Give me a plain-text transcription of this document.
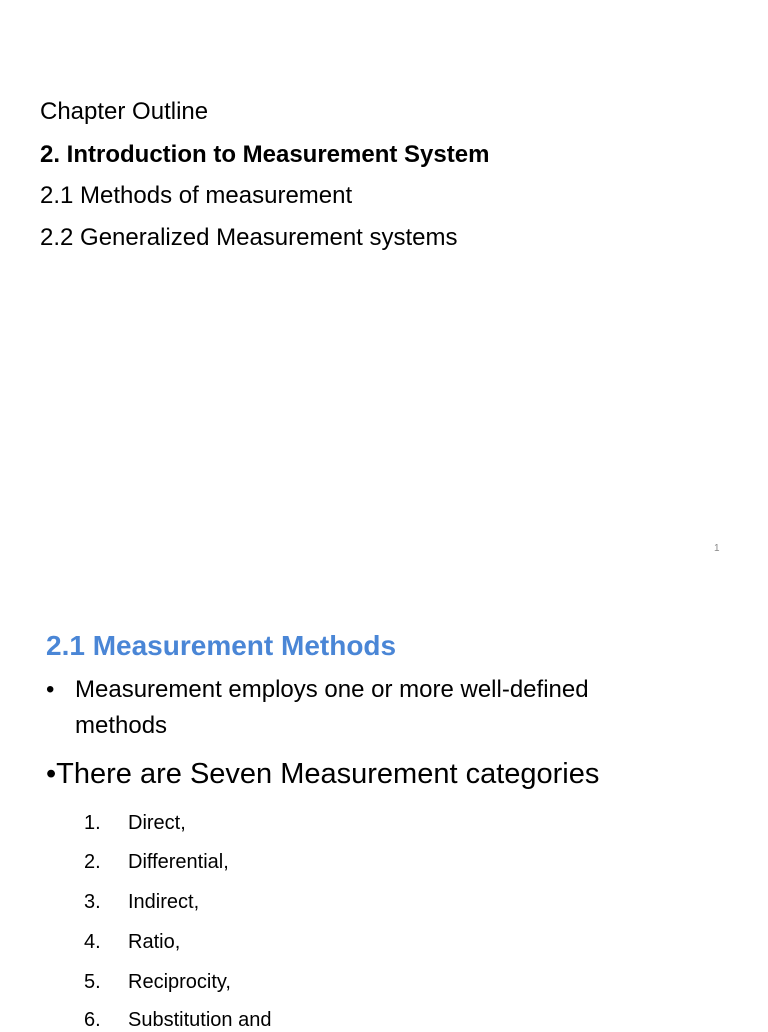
Chapter Outline
2. Introduction to Measurement System
2.1 Methods of measurement
2.2 Generalized Measurement systems
1
2.1 Measurement Methods
• Measurement employs one or more well-defined
methods
•There are Seven Measurement categories
1. Direct,
2. Differential,
3. Indirect,
4. Ratio,
5. Reciprocity,
6. Substitution and
